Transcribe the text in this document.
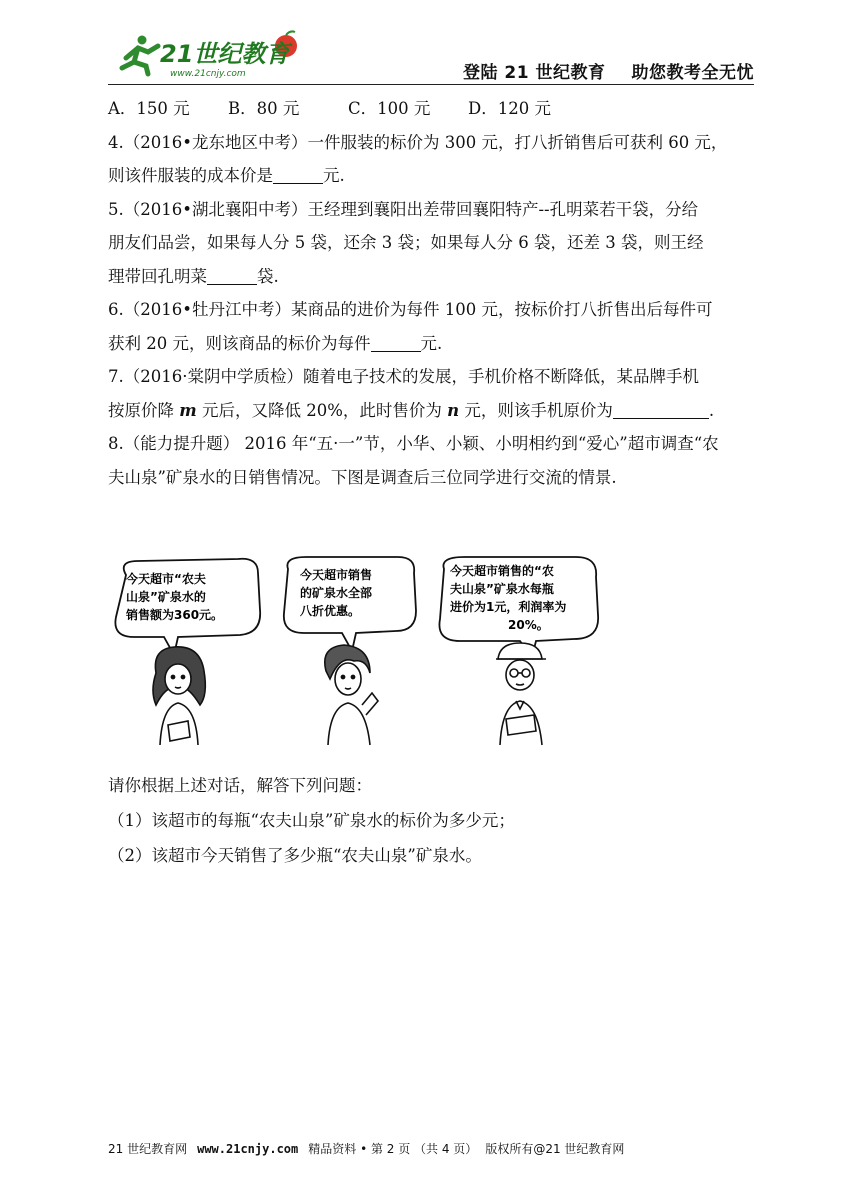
21世纪教育
www.21cnjy.com	登陆 21 世纪教育 助您教考全无忧
A．150 元 B．80 元	C．100 元 D．120 元
4.（2016•龙东地区中考）一件服装的标价为 300 元，打八折销售后可获利 60 元，
则该件服装的成本价是	元.
5.（2016•湖北襄阳中考）王经理到襄阳出差带回襄阳特产--孔明菜若干袋，分给
朋友们品尝，如果每人分 5 袋，还余 3 袋；如果每人分 6 袋，还差 3 袋，则王经
理带回孔明菜	袋.
6.（2016•牡丹江中考）某商品的进价为每件 100 元，按标价打八折售出后每件可
获利 20 元，则该商品的标价为每件	元.
7.（2016·棠阴中学质检）随着电子技术的发展，手机价格不断降低，某品牌手机
按原价降 m 元后，又降低 20%，此时售价为 n 元，则该手机原价为	.
8.（能力提升题） 2016 年“五·一”节，小华、小颖、小明相约到“爱心”超市调查“农
夫山泉”矿泉水的日销售情况。下图是调查后三位同学进行交流的情景.
今天超市“农夫 山泉”矿泉水的 销售额为360元。
今天超市销售 的矿泉水全部 八折优惠。
今天超市销售的“农 夫山泉”矿泉水每瓶 进价为1元，利润率为 20%。
请你根据上述对话，解答下列问题：
（1）该超市的每瓶“农夫山泉”矿泉水的标价为多少元；
（2）该超市今天销售了多少瓶“农夫山泉”矿泉水。
21 世纪教育网 www.21cnjy.com 精品资料 • 第 2 页 （共 4 页） 版权所有@21 世纪教育网
